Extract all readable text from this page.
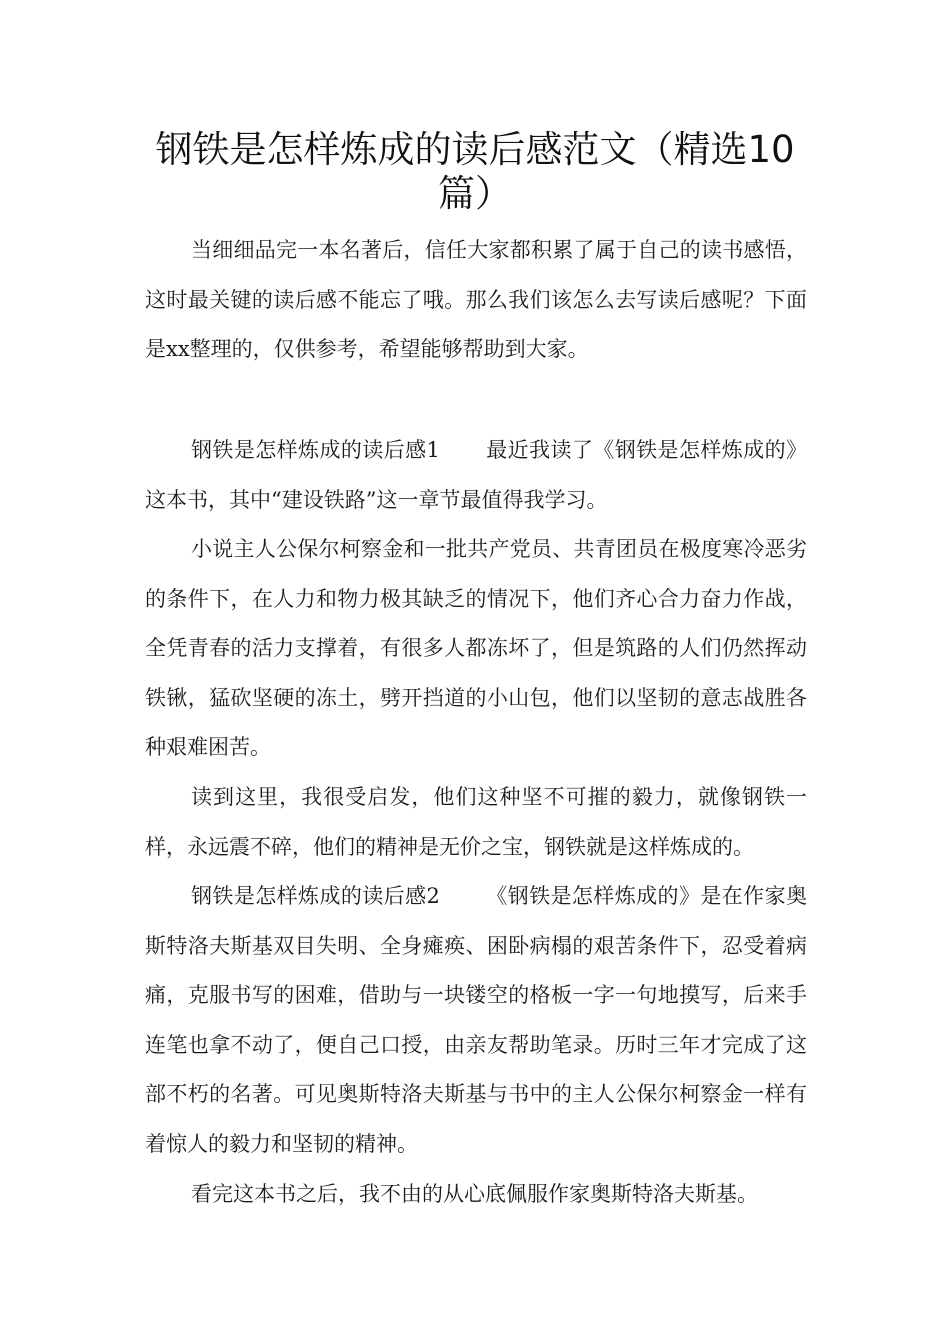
钢铁是怎样炼成的读后感范文（精选10篇）

当细细品完一本名著后，信任大家都积累了属于自己的读书感悟，这时最关键的读后感不能忘了哦。那么我们该怎么去写读后感呢？下面是xx整理的，仅供参考，希望能够帮助到大家。

钢铁是怎样炼成的读后感1 最近我读了《钢铁是怎样炼成的》这本书，其中“建设铁路”这一章节最值得我学习。

小说主人公保尔柯察金和一批共产党员、共青团员在极度寒冷恶劣的条件下，在人力和物力极其缺乏的情况下，他们齐心合力奋力作战，全凭青春的活力支撑着，有很多人都冻坏了，但是筑路的人们仍然挥动铁锹，猛砍坚硬的冻土，劈开挡道的小山包，他们以坚韧的意志战胜各种艰难困苦。

读到这里，我很受启发，他们这种坚不可摧的毅力，就像钢铁一样，永远震不碎，他们的精神是无价之宝，钢铁就是这样炼成的。

钢铁是怎样炼成的读后感2 《钢铁是怎样炼成的》是在作家奥斯特洛夫斯基双目失明、全身瘫痪、困卧病榻的艰苦条件下，忍受着病痛，克服书写的困难，借助与一块镂空的格板一字一句地摸写，后来手连笔也拿不动了，便自己口授，由亲友帮助笔录。历时三年才完成了这部不朽的名著。可见奥斯特洛夫斯基与书中的主人公保尔柯察金一样有着惊人的毅力和坚韧的精神。

看完这本书之后，我不由的从心底佩服作家奥斯特洛夫斯基。
